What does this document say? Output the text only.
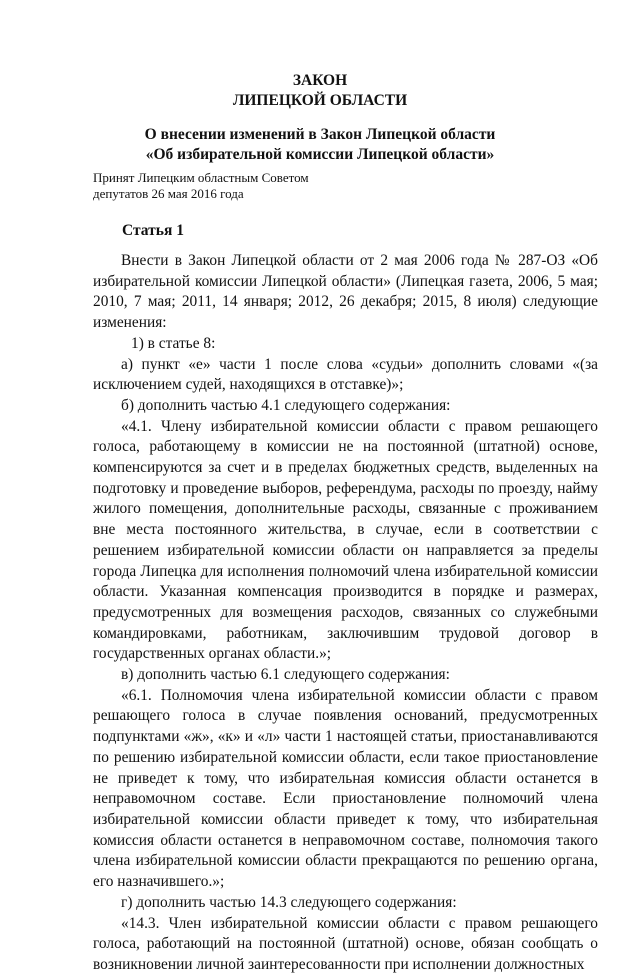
ЗАКОН
ЛИПЕЦКОЙ ОБЛАСТИ
О внесении изменений в Закон Липецкой области
«Об избирательной комиссии Липецкой области»
Принят Липецким областным Советом
депутатов 26 мая 2016 года
Статья 1

Внести в Закон Липецкой области от 2 мая 2006 года № 287-ОЗ «Об избирательной комиссии Липецкой области» (Липецкая газета, 2006, 5 мая; 2010, 7 мая; 2011, 14 января; 2012, 26 декабря; 2015, 8 июля) следующие изменения:

1) в статье 8:

а) пункт «е» части 1 после слова «судьи» дополнить словами «(за исключением судей, находящихся в отставке)»;

б) дополнить частью 4.1 следующего содержания:

«4.1. Члену избирательной комиссии области с правом решающего голоса, работающему в комиссии не на постоянной (штатной) основе, компенсируются за счет и в пределах бюджетных средств, выделенных на подготовку и проведение выборов, референдума, расходы по проезду, найму жилого помещения, дополнительные расходы, связанные с проживанием вне места постоянного жительства, в случае, если в соответствии с решением избирательной комиссии области он направляется за пределы города Липецка для исполнения полномочий члена избирательной комиссии области. Указанная компенсация производится в порядке и размерах, предусмотренных для возмещения расходов, связанных со служебными командировками, работникам, заключившим трудовой договор в государственных органах области.»;

в) дополнить частью 6.1 следующего содержания:

«6.1. Полномочия члена избирательной комиссии области с правом решающего голоса в случае появления оснований, предусмотренных подпунктами «ж», «к» и «л» части 1 настоящей статьи, приостанавливаются по решению избирательной комиссии области, если такое приостановление не приведет к тому, что избирательная комиссия области останется в неправомочном составе. Если приостановление полномочий члена избирательной комиссии области приведет к тому, что избирательная комиссия области останется в неправомочном составе, полномочия такого члена избирательной комиссии области прекращаются по решению органа, его назначившего.»;

г) дополнить частью 14.3 следующего содержания:

«14.3. Член избирательной комиссии области с правом решающего голоса, работающий на постоянной (штатной) основе, обязан сообщать о возникновении личной заинтересованности при исполнении должностных
